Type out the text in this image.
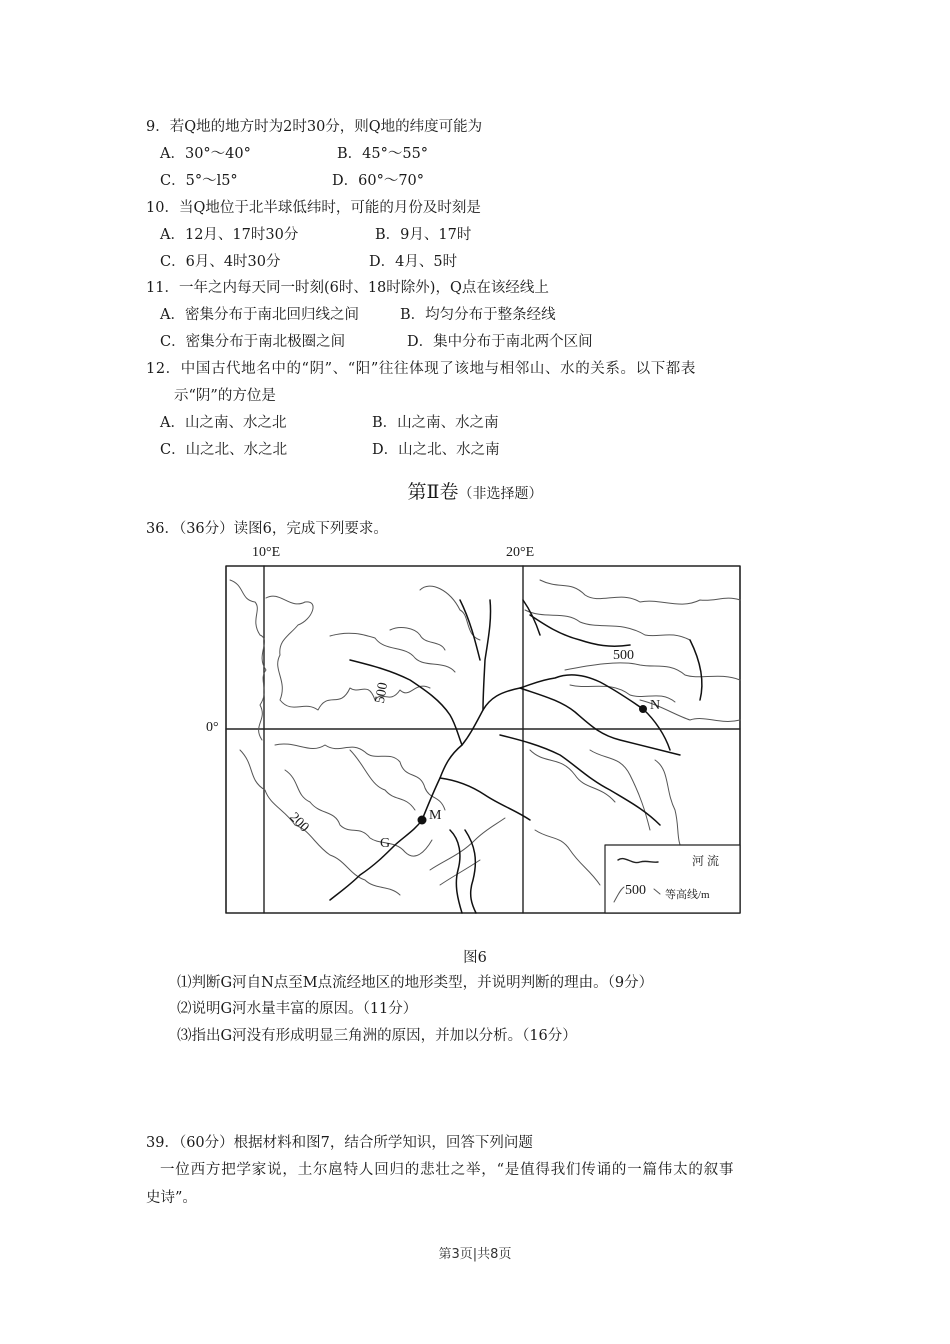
9．若Q地的地方时为2时30分，则Q地的纬度可能为
A．30°～40°	B．45°～55°
C．5°～l5°	D．60°～70°
10．当Q地位于北半球低纬时，可能的月份及时刻是
A．12月、17时30分	B．9月、17时
C．6月、4时30分	D．4月、5时
11．一年之内每天同一时刻(6时、18时除外)，Q点在该经线上
A．密集分布于南北回归线之间	B．均匀分布于整条经线
C．密集分布于南北极圈之间	D．集中分布于南北两个区间
12．中国古代地名中的“阴”、“阳”往往体现了该地与相邻山、水的关系。以下都表
示“阴”的方位是
A．山之南、水之北	B．山之南、水之南
C．山之北、水之北	D．山之北、水之南
第Ⅱ卷（非选择题）
36．（36分）读图6，完成下列要求。
10°E	20°E
0°
500
500
200
N
M
G
河 流
500 等高线/m
图6
⑴判断G河自N点至M点流经地区的地形类型，并说明判断的理由。（9分）
⑵说明G河水量丰富的原因。（11分）
⑶指出G河没有形成明显三角洲的原因，并加以分析。（16分）
39．（60分）根据材料和图7，结合所学知识，回答下列问题
一位西方把学家说，土尔扈特人回归的悲壮之举，“是值得我们传诵的一篇伟太的叙事
史诗”。
第3页|共8页
